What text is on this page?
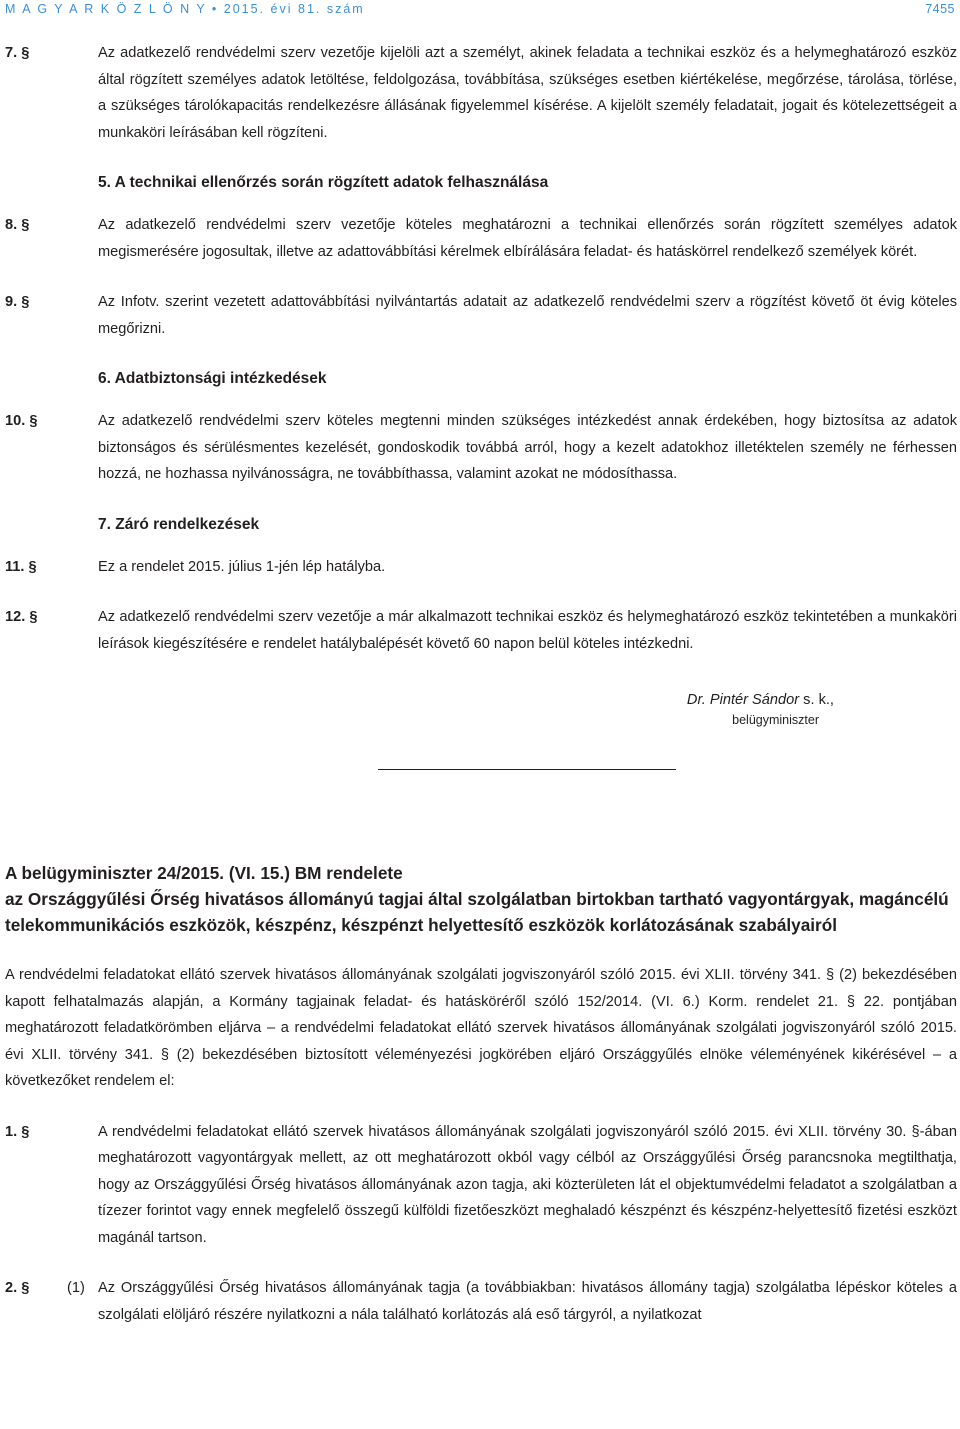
M A G Y A R K Ö Z L Ö N Y • 2015. évi 81. szám	7455
7. §	Az adatkezelő rendvédelmi szerv vezetője kijelöli azt a személyt, akinek feladata a technikai eszköz és a helymeghatározó eszköz által rögzített személyes adatok letöltése, feldolgozása, továbbítása, szükséges esetben kiértékelése, megőrzése, tárolása, törlése, a szükséges tárolókapacitás rendelkezésre állásának figyelemmel kísérése. A kijelölt személy feladatait, jogait és kötelezettségeit a munkaköri leírásában kell rögzíteni.
5. A technikai ellenőrzés során rögzített adatok felhasználása
8. §	Az adatkezelő rendvédelmi szerv vezetője köteles meghatározni a technikai ellenőrzés során rögzített személyes adatok megismerésére jogosultak, illetve az adattovábbítási kérelmek elbírálására feladat- és hatáskörrel rendelkező személyek körét.
9. §	Az Infotv. szerint vezetett adattovábbítási nyilvántartás adatait az adatkezelő rendvédelmi szerv a rögzítést követő öt évig köteles megőrizni.
6. Adatbiztonsági intézkedések
10. §	Az adatkezelő rendvédelmi szerv köteles megtenni minden szükséges intézkedést annak érdekében, hogy biztosítsa az adatok biztonságos és sérülésmentes kezelését, gondoskodik továbbá arról, hogy a kezelt adatokhoz illetéktelen személy ne férhessen hozzá, ne hozhassa nyilvánosságra, ne továbbíthassa, valamint azokat ne módosíthassa.
7. Záró rendelkezések
11. §	Ez a rendelet 2015. július 1-jén lép hatályba.
12. §	Az adatkezelő rendvédelmi szerv vezetője a már alkalmazott technikai eszköz és helymeghatározó eszköz tekintetében a munkaköri leírások kiegészítésére e rendelet hatálybalépését követő 60 napon belül köteles intézkedni.
Dr. Pintér Sándor s. k.,
belügyminiszter
A belügyminiszter 24/2015. (VI. 15.) BM rendelete
az Országgyűlési Őrség hivatásos állományú tagjai által szolgálatban birtokban tartható vagyontárgyak, magáncélú telekommunikációs eszközök, készpénz, készpénzt helyettesítő eszközök korlátozásának szabályairól
A rendvédelmi feladatokat ellátó szervek hivatásos állományának szolgálati jogviszonyáról szóló 2015. évi XLII. törvény 341. § (2) bekezdésében kapott felhatalmazás alapján, a Kormány tagjainak feladat- és hatásköréről szóló 152/2014. (VI. 6.) Korm. rendelet 21. § 22. pontjában meghatározott feladatkörömben eljárva – a rendvédelmi feladatokat ellátó szervek hivatásos állományának szolgálati jogviszonyáról szóló 2015. évi XLII. törvény 341. § (2) bekezdésében biztosított véleményezési jogkörében eljáró Országgyűlés elnöke véleményének kikérésével – a következőket rendelem el:
1. §	A rendvédelmi feladatokat ellátó szervek hivatásos állományának szolgálati jogviszonyáról szóló 2015. évi XLII. törvény 30. §-ában meghatározott vagyontárgyak mellett, az ott meghatározott okból vagy célból az Országgyűlési Őrség parancsnoka megtilthatja, hogy az Országgyűlési Őrség hivatásos állományának azon tagja, aki közterületen lát el objektumvédelmi feladatot a szolgálatban a tízezer forintot vagy ennek megfelelő összegű külföldi fizetőeszközt meghaladó készpénzt és készpénz-helyettesítő fizetési eszközt magánál tartson.
2. §	(1) Az Országgyűlési Őrség hivatásos állományának tagja (a továbbiakban: hivatásos állomány tagja) szolgálatba lépéskor köteles a szolgálati elöljáró részére nyilatkozni a nála található korlátozás alá eső tárgyról, a nyilatkozat
